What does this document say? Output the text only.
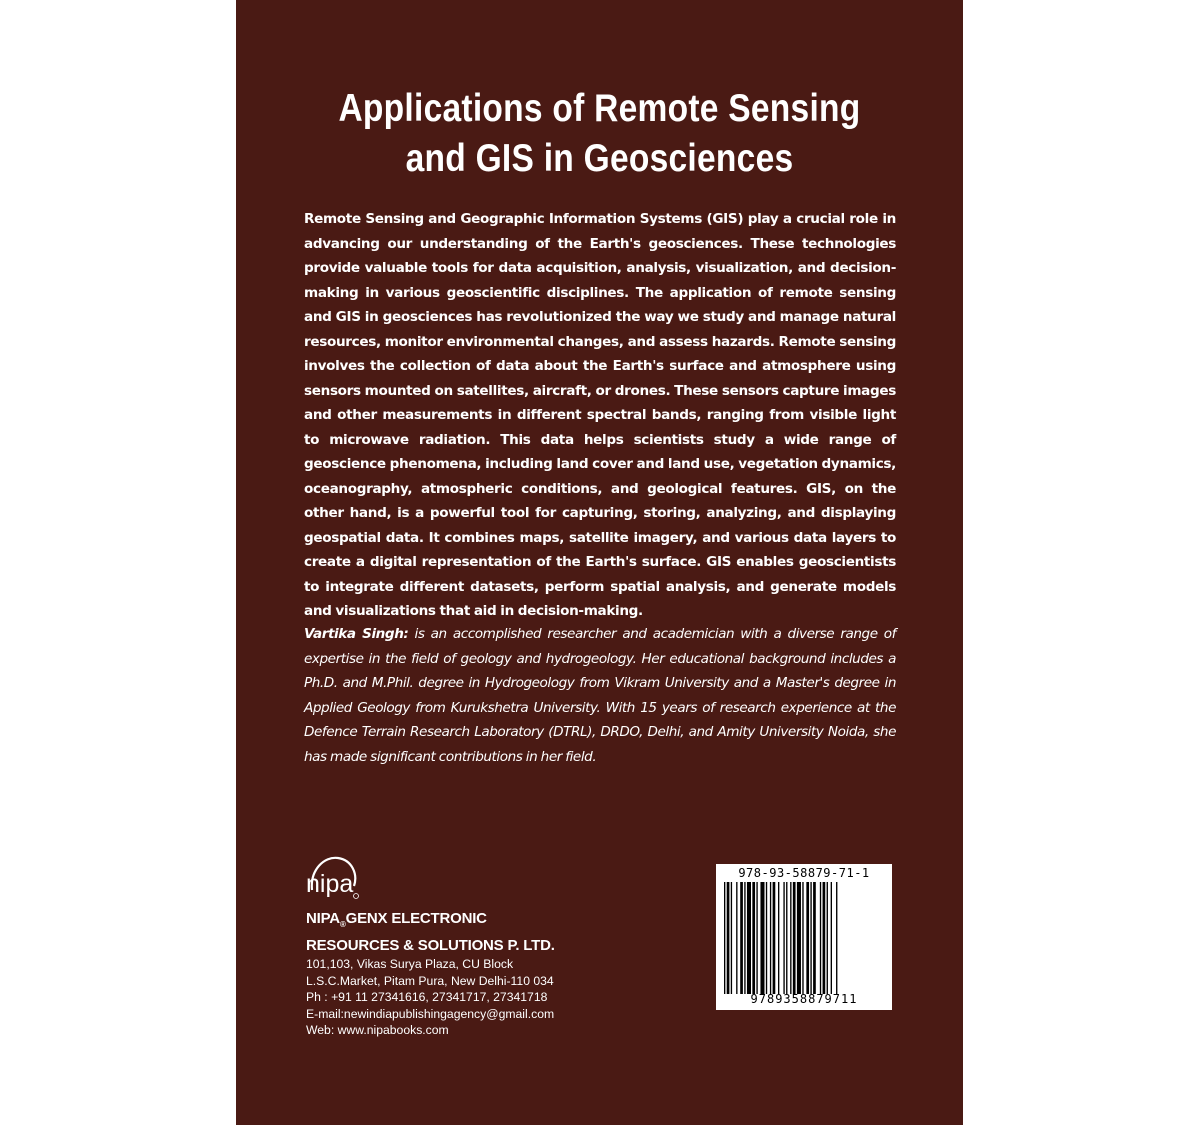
Applications of Remote Sensing
and GIS in Geosciences

Remote Sensing and Geographic Information Systems (GIS) play a crucial role in advancing our understanding of the Earth's geosciences. These technologies provide valuable tools for data acquisition, analysis, visualization, and decision-making in various geoscientific disciplines. The application of remote sensing and GIS in geosciences has revolutionized the way we study and manage natural resources, monitor environmental changes, and assess hazards. Remote sensing involves the collection of data about the Earth's surface and atmosphere using sensors mounted on satellites, aircraft, or drones. These sensors capture images and other measurements in different spectral bands, ranging from visible light to microwave radiation. This data helps scientists study a wide range of geoscience phenomena, including land cover and land use, vegetation dynamics, oceanography, atmospheric conditions, and geological features. GIS, on the other hand, is a powerful tool for capturing, storing, analyzing, and displaying geospatial data. It combines maps, satellite imagery, and various data layers to create a digital representation of the Earth's surface. GIS enables geoscientists to integrate different datasets, perform spatial analysis, and generate models and visualizations that aid in decision-making.

Vartika Singh: is an accomplished researcher and academician with a diverse range of expertise in the field of geology and hydrogeology. Her educational background includes a Ph.D. and M.Phil. degree in Hydrogeology from Vikram University and a Master's degree in Applied Geology from Kurukshetra University. With 15 years of research experience at the Defence Terrain Research Laboratory (DTRL), DRDO, Delhi, and Amity University Noida, she has made significant contributions in her field.

nipa

$NIPA_®GENX$ ELECTRONIC

RESOURCES & SOLUTIONS P. LTD.

101,103, Vikas Surya Plaza, CU Block

L.S.C.Market, Pitam Pura, New Delhi-110 034

Ph : +91 11 27341616, 27341717, 27341718

E-mail:newindiapublishingagency@gmail.com

Web: www.nipabooks.com

978-93-58879-71-1
9789358879711
